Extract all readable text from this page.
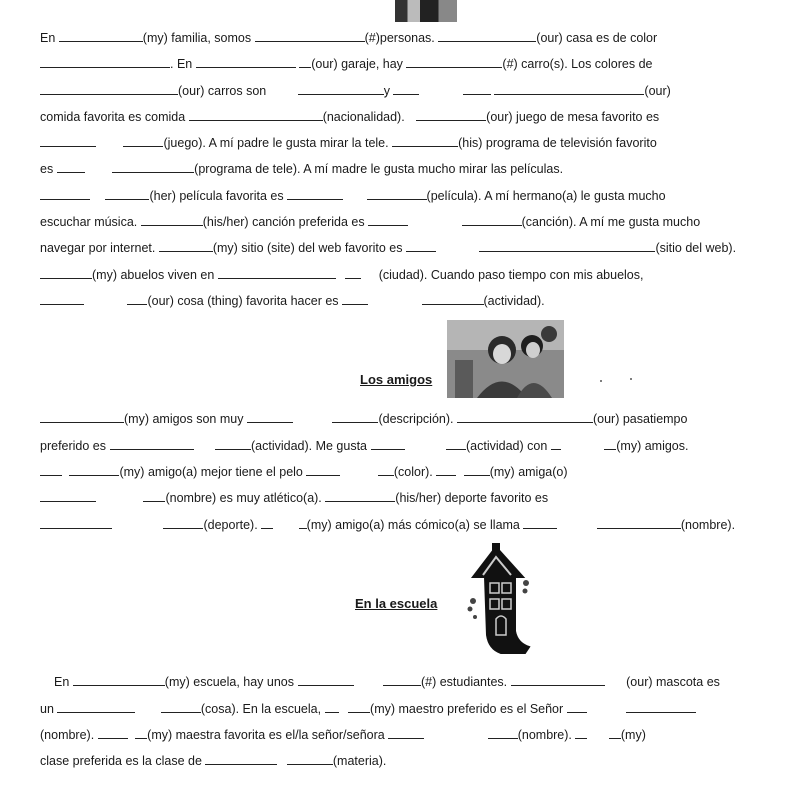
En	(my) familia, somos	(#)personas.	(our) casa es de color
. En	(our) garaje, hay	(#) carro(s). Los colores de
(our) carros son	y	(our)
comida favorita es comida	(nacionalidad).	(our) juego de mesa favorito es
(juego). A mí padre le gusta mirar la tele.	(his) programa de televisión favorito
es	(programa de tele). A mí madre le gusta mucho mirar las películas.
(her) película favorita es	(película). A mí hermano(a) le gusta mucho
escuchar música.	(his/her) canción preferida es	(canción). A mí me gusta mucho
navegar por internet.	(my) sitio (site) del web favorito es	(sitio del web).
(my) abuelos viven en	(ciudad). Cuando paso tiempo con mis abuelos,
(our) cosa (thing) favorita hacer es	(actividad).
Los amigos
(my) amigos son muy	(descripción).	(our) pasatiempo
preferido es	(actividad). Me gusta	(actividad) con	(my) amigos.
(my) amigo(a) mejor tiene el pelo	(color).	(my) amiga(o)
(nombre) es muy atlético(a).	(his/her) deporte favorito es
(deporte).	(my) amigo(a) más cómico(a) se llama	(nombre).
En la escuela
En	(my) escuela, hay unos	(#) estudiantes.	(our) mascota es
un	(cosa). En la escuela,	(my) maestro preferido es el Señor
(nombre).	(my) maestra favorita es el/la señor/señora	(nombre).	(my)
clase preferida es la clase de	(materia).
